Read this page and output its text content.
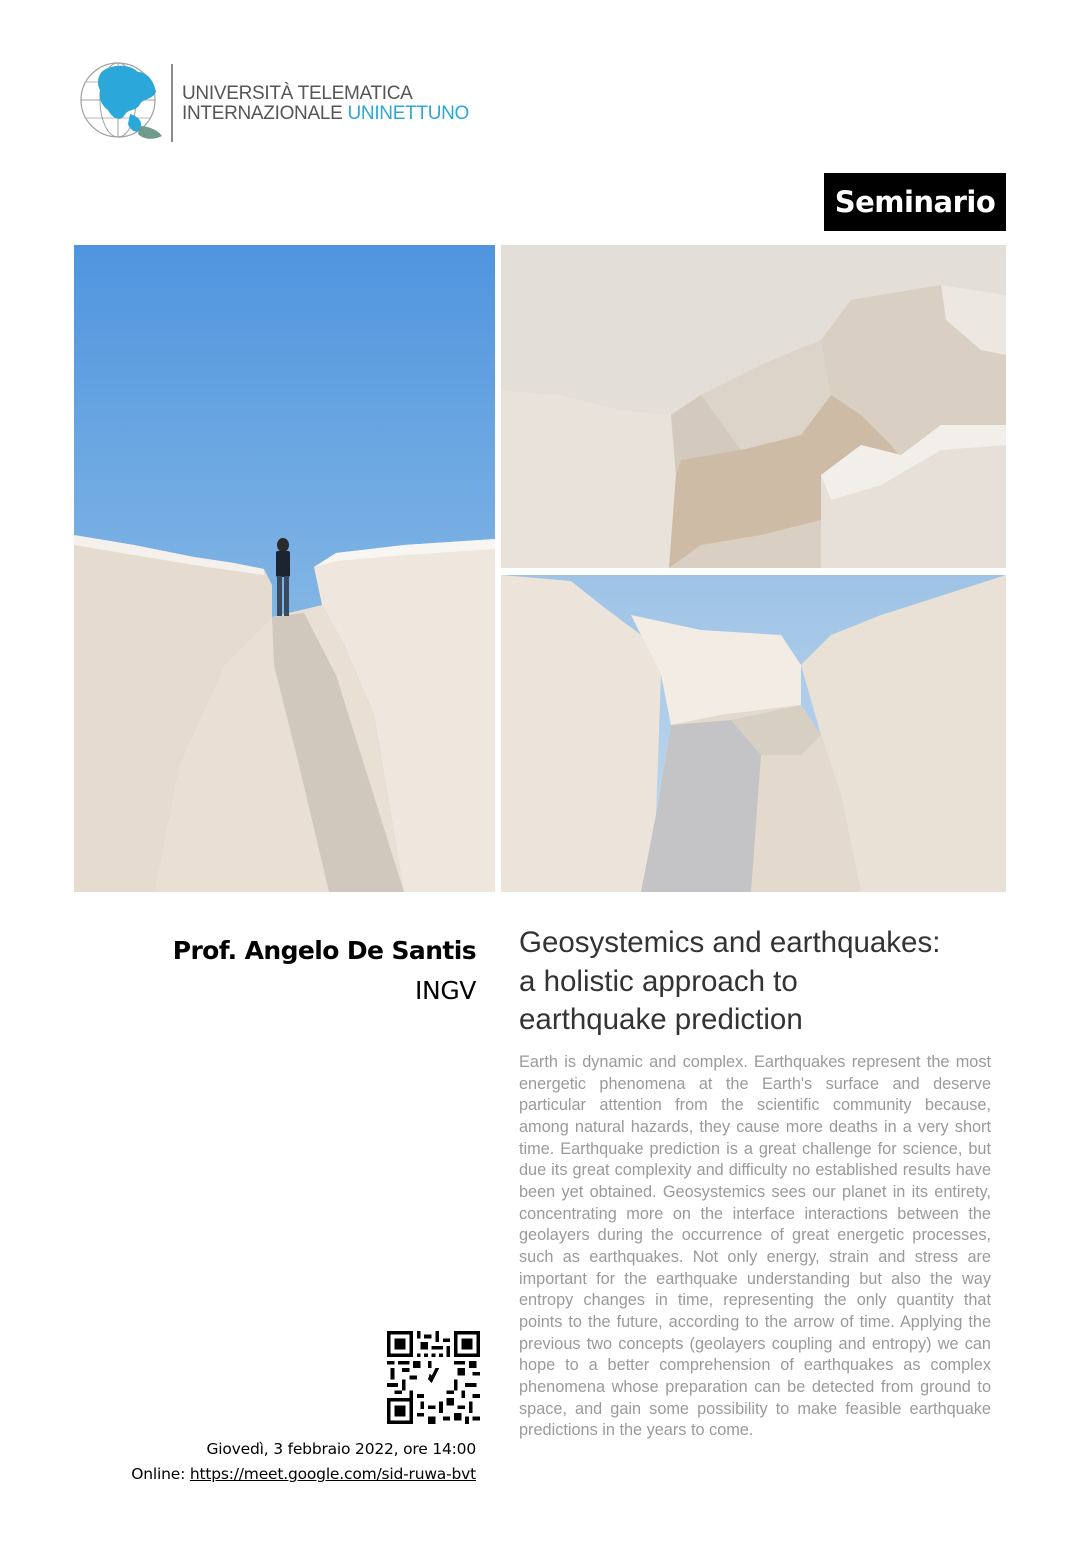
UNIVERSITÀ TELEMATICA
INTERNAZIONALE UNINETTUNO
Seminario
Prof. Angelo De Santis
INGV
Geosystemics and earthquakes:
a holistic approach to
earthquake prediction
Earth is dynamic and complex. Earthquakes represent the most energetic phenomena at the Earth's surface and deserve particular attention from the scientific community because, among natural hazards, they cause more deaths in a very short time. Earthquake prediction is a great challenge for science, but due its great complexity and difficulty no established results have been yet obtained. Geosystemics sees our planet in its entirety, concentrating more on the interface interactions between the geolayers during the occurrence of great energetic processes, such as earthquakes. Not only energy, strain and stress are important for the earthquake understanding but also the way entropy changes in time, representing the only quantity that points to the future, according to the arrow of time. Applying the previous two concepts (geolayers coupling and entropy) we can hope to a better comprehension of earthquakes as complex phenomena whose preparation can be detected from ground to space, and gain some possibility to make feasible earthquake predictions in the years to come.
Giovedì, 3 febbraio 2022, ore 14:00
Online: https://meet.google.com/sid-ruwa-bvt
